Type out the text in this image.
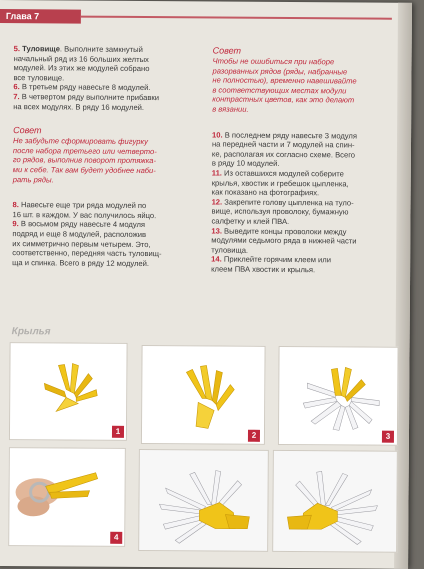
Глава 7

5. Туловище. Выполните замкнутый

начальный ряд из 16 больших желтых

модулей. Из этих же модулей собрано

все туловище.

6. В третьем ряду навесьте 8 модулей.

7. В четвертом ряду выполните прибавки

на всех модулях. В ряду 16 модулей.

Совет

Не забудьте сформировать фигурку

после набора третьего или четверто-

го рядов, выполнив поворот протяжка-

ми к себе. Так вам будет удобнее наби-

рать ряды.

8. Навесьте еще три ряда модулей по

16 шт. в каждом. У вас получилось яйцо.

9. В восьмом ряду навесьте 4 модуля

подряд и еще 8 модулей, расположив

их симметрично первым четырем. Это,

соответственно, передняя часть туловищ-

ща и спинка. Всего в ряду 12 модулей.

Совет

Чтобы не ошибиться при наборе

разорванных рядов (ряды, набранные

не полностью), временно навешивайте

в соответствующих местах модули

контрастных цветов, как это делают

в вязании.

10. В последнем ряду навесьте 3 модуля

на передней части и 7 модулей на спин-

ке, располагая их согласно схеме. Всего

в ряду 10 модулей.

11. Из оставшихся модулей соберите

крылья, хвостик и гребешок цыпленка,

как показано на фотографиях.

12. Закрепите голову цыпленка на туло-

вище, используя проволоку, бумажную

салфетку и клей ПВА.

13. Выведите концы проволоки между

модулями седьмого ряда в нижней части

туловища.

14. Приклейте горячим клеем или

клеем ПВА хвостик и крылья.

Крылья
1	2	3
4
